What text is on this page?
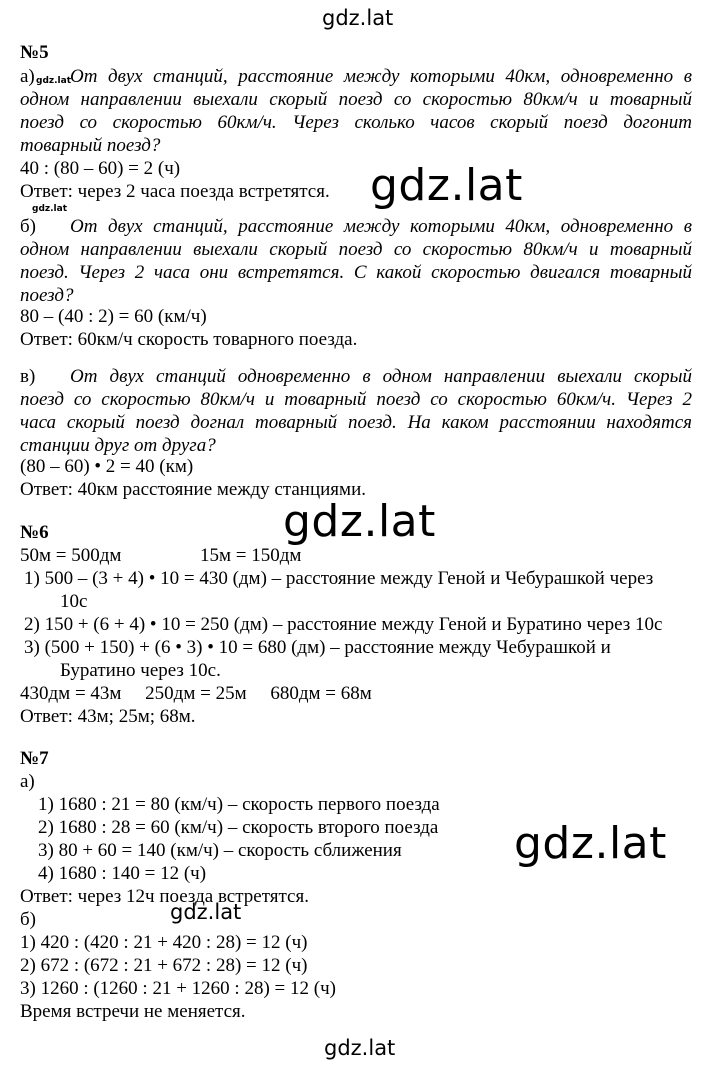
gdz.lat
gdz.lat
gdz.lat
gdz.lat
gdz.lat
gdz.lat
gdz.lat
gdz.lat
№5
а) От двух станций, расстояние между которыми 40км, одновременно в
одном направлении выехали скорый поезд со скоростью 80км/ч и товарный
поезд со скоростью 60км/ч. Через сколько часов скорый поезд догонит
товарный поезд?
40 : (80 – 60) = 2 (ч)
Ответ: через 2 часа поезда встретятся.
б) От двух станций, расстояние между которыми 40км, одновременно в
одном направлении выехали скорый поезд со скоростью 80км/ч и товарный
поезд. Через 2 часа они встретятся. С какой скоростью двигался товарный
поезд?
80 – (40 : 2) = 60 (км/ч)
Ответ: 60км/ч скорость товарного поезда.
в) От двух станций одновременно в одном направлении выехали скорый
поезд со скоростью 80км/ч и товарный поезд со скоростью 60км/ч. Через 2
часа скорый поезд догнал товарный поезд. На каком расстоянии находятся
станции друг от друга?
(80 – 60) • 2 = 40 (км)
Ответ: 40км расстояние между станциями.
№6
50м = 500дм	15м = 150дм
1) 500 – (3 + 4) • 10 = 430 (дм) – расстояние между Геной и Чебурашкой через
10с
2) 150 + (6 + 4) • 10 = 250 (дм) – расстояние между Геной и Буратино через 10с
3) (500 + 150) + (6 • 3) • 10 = 680 (дм) – расстояние между Чебурашкой и
Буратино через 10с.
430дм = 43м     250дм = 25м     680дм = 68м
Ответ: 43м; 25м; 68м.
№7
а)
1) 1680 : 21 = 80 (км/ч) – скорость первого поезда
2) 1680 : 28 = 60 (км/ч) – скорость второго поезда
3) 80 + 60 = 140 (км/ч) – скорость сближения
4) 1680 : 140 = 12 (ч)
Ответ: через 12ч поезда встретятся.
б)
1) 420 : (420 : 21 + 420 : 28) = 12 (ч)
2) 672 : (672 : 21 + 672 : 28) = 12 (ч)
3) 1260 : (1260 : 21 + 1260 : 28) = 12 (ч)
Время встречи не меняется.
